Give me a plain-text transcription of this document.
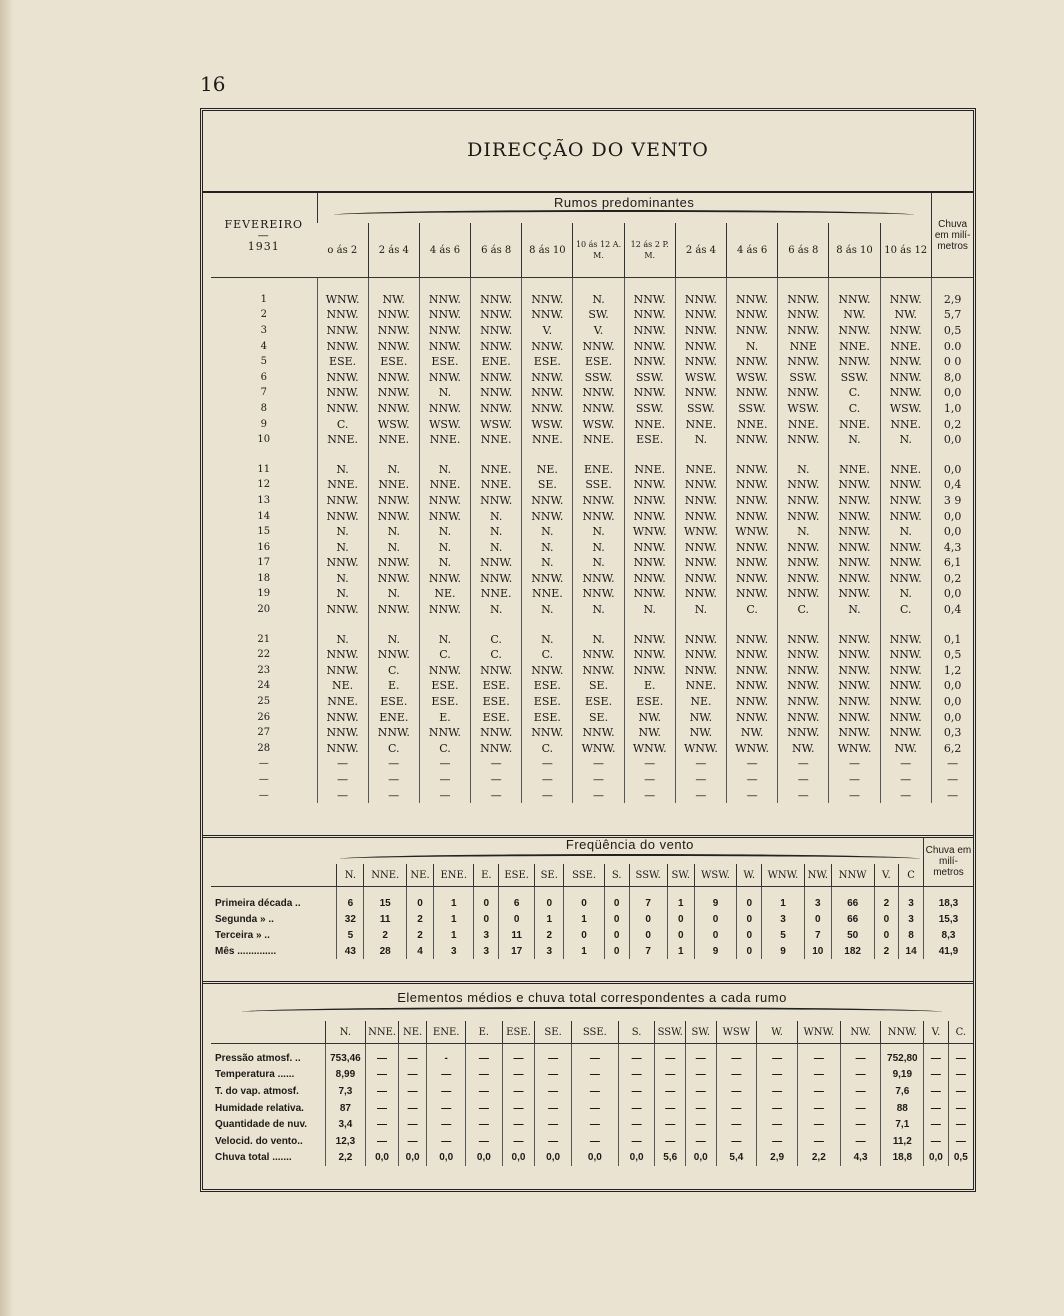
16
DIRECÇÃO DO VENTO
FEVEREIRO
—
1931	Rumos predominantes												Chuva em milí- metros
	o ás 2	2 ás 4	4 ás 6	6 ás 8	8 ás 10	10 ás 12 A. M.	12 ás 2 P. M.	2 ás 4	4 ás 6	6 ás 8	8 ás 10	10 ás 12	

1	WNW.	NW.	NNW.	NNW.	NNW.	N.	NNW.	NNW.	NNW.	NNW.	NNW.	NNW.	2,9
2	NNW.	NNW.	NNW.	NNW.	NNW.	SW.	NNW.	NNW.	NNW.	NNW.	NW.	NW.	5,7
3	NNW.	NNW.	NNW.	NNW.	V.	V.	NNW.	NNW.	NNW.	NNW.	NNW.	NNW.	0,5
4	NNW.	NNW.	NNW.	NNW.	NNW.	NNW.	NNW.	NNW.	N.	NNE	NNE.	NNE.	0.0
5	ESE.	ESE.	ESE.	ENE.	ESE.	ESE.	NNW.	NNW.	NNW.	NNW.	NNW.	NNW.	0 0
6	NNW.	NNW.	NNW.	NNW.	NNW.	SSW.	SSW.	WSW.	WSW.	SSW.	SSW.	NNW.	8,0
7	NNW.	NNW.	N.	NNW.	NNW.	NNW.	NNW.	NNW.	NNW.	NNW.	C.	NNW.	0,0
8	NNW.	NNW.	NNW.	NNW.	NNW.	NNW.	SSW.	SSW.	SSW.	WSW.	C.	WSW.	1,0
9	C.	WSW.	WSW.	WSW.	WSW.	WSW.	NNE.	NNE.	NNE.	NNE.	NNE.	NNE.	0,2
10	NNE.	NNE.	NNE.	NNE.	NNE.	NNE.	ESE.	N.	NNW.	NNW.	N.	N.	0,0

11	N.	N.	N.	NNE.	NE.	ENE.	NNE.	NNE.	NNW.	N.	NNE.	NNE.	0,0
12	NNE.	NNE.	NNE.	NNE.	SE.	SSE.	NNW.	NNW.	NNW.	NNW.	NNW.	NNW.	0,4
13	NNW.	NNW.	NNW.	NNW.	NNW.	NNW.	NNW.	NNW.	NNW.	NNW.	NNW.	NNW.	3 9
14	NNW.	NNW.	NNW.	N.	NNW.	NNW.	NNW.	NNW.	NNW.	NNW.	NNW.	NNW.	0,0
15	N.	N.	N.	N.	N.	N.	WNW.	WNW.	WNW.	N.	NNW.	N.	0,0
16	N.	N.	N.	N.	N.	N.	NNW.	NNW.	NNW.	NNW.	NNW.	NNW.	4,3
17	NNW.	NNW.	N.	NNW.	N.	N.	NNW.	NNW.	NNW.	NNW.	NNW.	NNW.	6,1
18	N.	NNW.	NNW.	NNW.	NNW.	NNW.	NNW.	NNW.	NNW.	NNW.	NNW.	NNW.	0,2
19	N.	N.	NE.	NNE.	NNE.	NNW.	NNW.	NNW.	NNW.	NNW.	NNW.	N.	0,0
20	NNW.	NNW.	NNW.	N.	N.	N.	N.	N.	C.	C.	N.	C.	0,4

21	N.	N.	N.	C.	N.	N.	NNW.	NNW.	NNW.	NNW.	NNW.	NNW.	0,1
22	NNW.	NNW.	C.	C.	C.	NNW.	NNW.	NNW.	NNW.	NNW.	NNW.	NNW.	0,5
23	NNW.	C.	NNW.	NNW.	NNW.	NNW.	NNW.	NNW.	NNW.	NNW.	NNW.	NNW.	1,2
24	NE.	E.	ESE.	ESE.	ESE.	SE.	E.	NNE.	NNW.	NNW.	NNW.	NNW.	0,0
25	NNE.	ESE.	ESE.	ESE.	ESE.	ESE.	ESE.	NE.	NNW.	NNW.	NNW.	NNW.	0,0
26	NNW.	ENE.	E.	ESE.	ESE.	SE.	NW.	NW.	NNW.	NNW.	NNW.	NNW.	0,0
27	NNW.	NNW.	NNW.	NNW.	NNW.	NNW.	NW.	NW.	NW.	NNW.	NNW.	NNW.	0,3
28	NNW.	C.	C.	NNW.	C.	WNW.	WNW.	WNW.	WNW.	NW.	WNW.	NW.	6,2
—	—	—	—	—	—	—	—	—	—	—	—	—	—
—	—	—	—	—	—	—	—	—	—	—	—	—	—
—	—	—	—	—	—	—	—	—	—	—	—	—	—

	Freqüência do vento																		Chuva em milí- metros
	N.	NNE.	NE.	ENE.	E.	ESE.	SE.	SSE.	S.	SSW.	SW.	WSW.	W.	WNW.	NW.	NNW	V.	C	

Primeira década ..	6	15	0	1	0	6	0	0	0	7	1	9	0	1	3	66	2	3	18,3
Segunda » ..	32	11	2	1	0	0	1	1	0	0	0	0	0	3	0	66	0	3	15,3
Terceira » ..	5	2	2	1	3	11	2	0	0	0	0	0	0	5	7	50	0	8	8,3
Mês ..............	43	28	4	3	3	17	3	1	0	7	1	9	0	9	10	182	2	14	41,9
Elementos médios e chuva total correspondentes a cada rumo																		

	N.	NNE.	NE.	ENE.	E.	ESE.	SE.	SSE.	S.	SSW.	SW.	WSW	W.	WNW.	NW.	NNW.	V.	C.

Pressão atmosf. ..	753,46	—	—	-	—	—	—	—	—	—	—	—	—	—	—	752,80	—	—
Temperatura ......	8,99	—	—	—	—	—	—	—	—	—	—	—	—	—	—	9,19	—	—
T. do vap. atmosf.	7,3	—	—	—	—	—	—	—	—	—	—	—	—	—	—	7,6	—	—
Humidade relativa.	87	—	—	—	—	—	—	—	—	—	—	—	—	—	—	88	—	—
Quantidade de nuv.	3,4	—	—	—	—	—	—	—	—	—	—	—	—	—	—	7,1	—	—
Velocid. do vento..	12,3	—	—	—	—	—	—	—	—	—	—	—	—	—	—	11,2	—	—
Chuva total .......	2,2	0,0	0,0	0,0	0,0	0,0	0,0	0,0	0,0	5,6	0,0	5,4	2,9	2,2	4,3	18,8	0,0	0,5
